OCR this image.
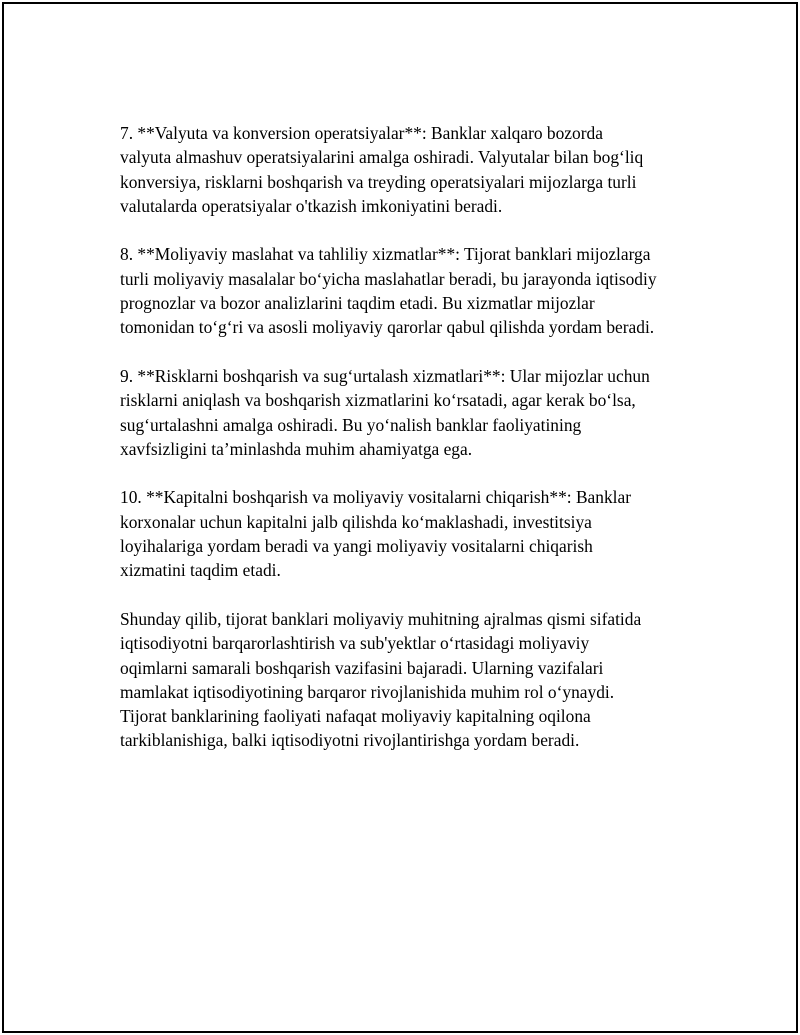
7. **Valyuta va konversion operatsiyalar**: Banklar xalqaro bozorda
valyuta almashuv operatsiyalarini amalga oshiradi. Valyutalar bilan bog‘liq
konversiya, risklarni boshqarish va treyding operatsiyalari mijozlarga turli
valutalarda operatsiyalar o'tkazish imkoniyatini beradi.

8. **Moliyaviy maslahat va tahliliy xizmatlar**: Tijorat banklari mijozlarga
turli moliyaviy masalalar bo‘yicha maslahatlar beradi, bu jarayonda iqtisodiy
prognozlar va bozor analizlarini taqdim etadi. Bu xizmatlar mijozlar
tomonidan to‘g‘ri va asosli moliyaviy qarorlar qabul qilishda yordam beradi.

9. **Risklarni boshqarish va sug‘urtalash xizmatlari**: Ular mijozlar uchun
risklarni aniqlash va boshqarish xizmatlarini ko‘rsatadi, agar kerak bo‘lsa,
sug‘urtalashni amalga oshiradi. Bu yo‘nalish banklar faoliyatining
xavfsizligini ta’minlashda muhim ahamiyatga ega.

10. **Kapitalni boshqarish va moliyaviy vositalarni chiqarish**: Banklar
korxonalar uchun kapitalni jalb qilishda ko‘maklashadi, investitsiya
loyihalariga yordam beradi va yangi moliyaviy vositalarni chiqarish
xizmatini taqdim etadi.

Shunday qilib, tijorat banklari moliyaviy muhitning ajralmas qismi sifatida
iqtisodiyotni barqarorlashtirish va sub'yektlar o‘rtasidagi moliyaviy
oqimlarni samarali boshqarish vazifasini bajaradi. Ularning vazifalari
mamlakat iqtisodiyotining barqaror rivojlanishida muhim rol o‘ynaydi.
Tijorat banklarining faoliyati nafaqat moliyaviy kapitalning oqilona
tarkiblanishiga, balki iqtisodiyotni rivojlantirishga yordam beradi.
